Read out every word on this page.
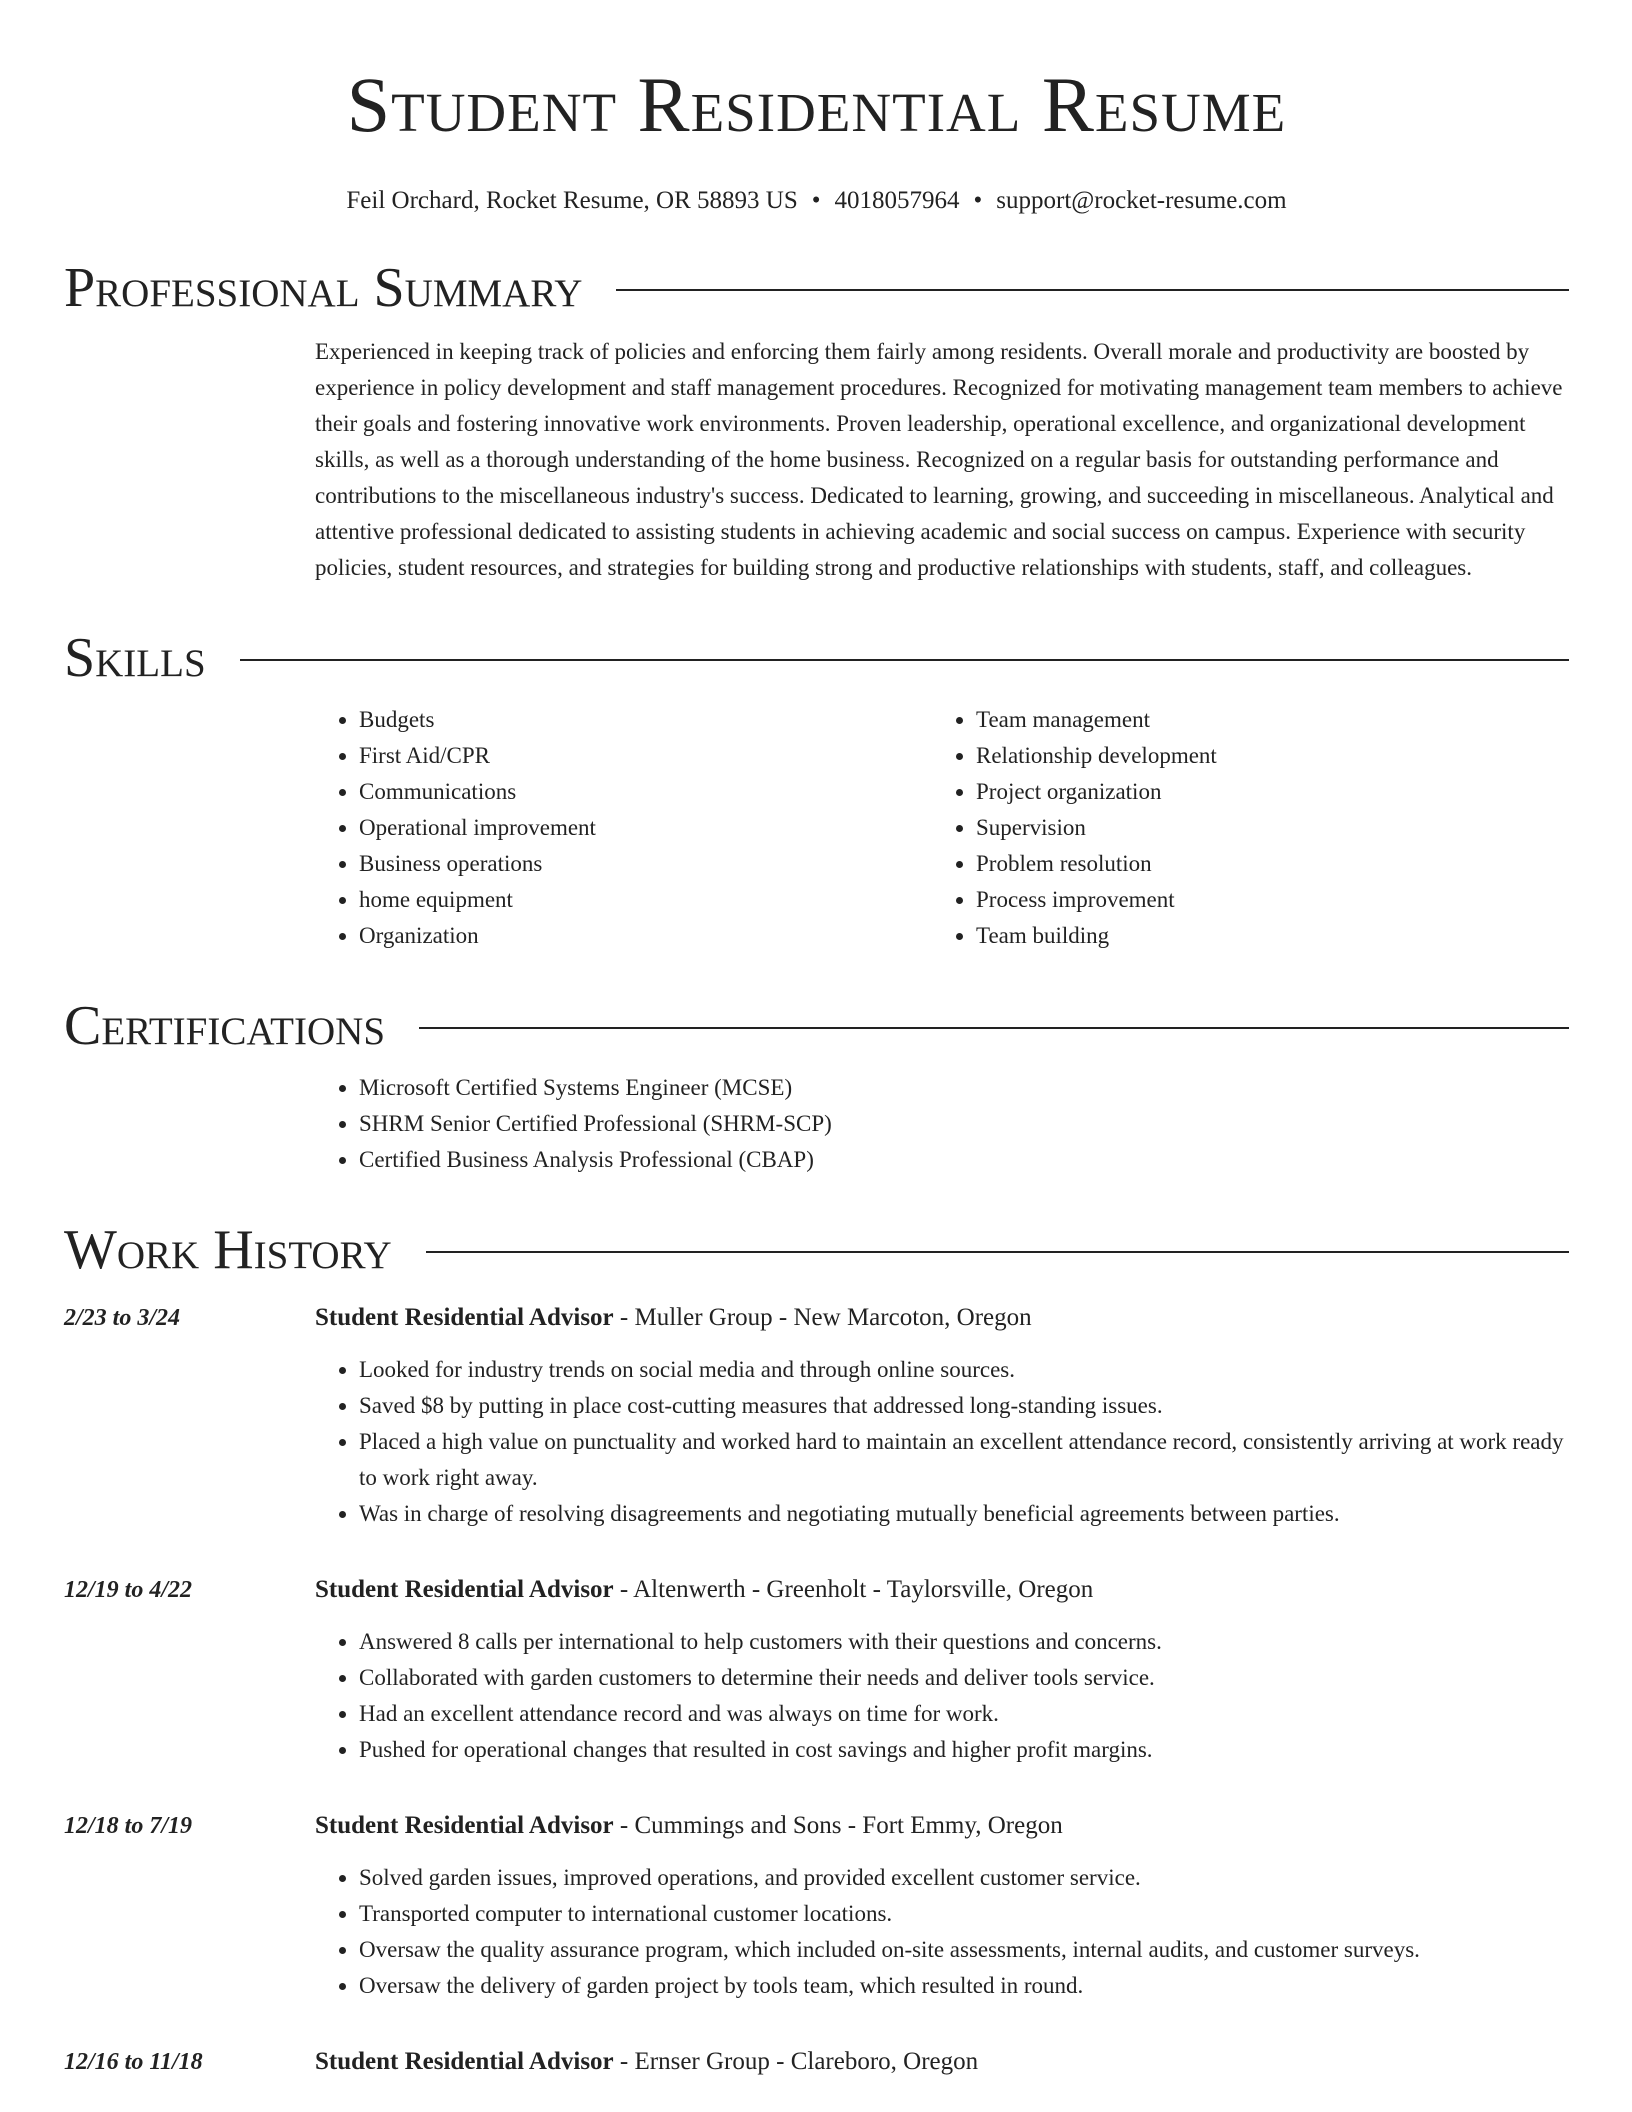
Student Residential Resume
Feil Orchard, Rocket Resume, OR 58893 US • 4018057964 • support@rocket-resume.com
Professional Summary
Experienced in keeping track of policies and enforcing them fairly among residents. Overall morale and productivity are boosted by experience in policy development and staff management procedures. Recognized for motivating management team members to achieve their goals and fostering innovative work environments. Proven leadership, operational excellence, and organizational development skills, as well as a thorough understanding of the home business. Recognized on a regular basis for outstanding performance and contributions to the miscellaneous industry's success. Dedicated to learning, growing, and succeeding in miscellaneous. Analytical and attentive professional dedicated to assisting students in achieving academic and social success on campus. Experience with security policies, student resources, and strategies for building strong and productive relationships with students, staff, and colleagues.
Skills
• Budgets
• First Aid/CPR
• Communications
• Operational improvement
• Business operations
• home equipment
• Organization
• Team management
• Relationship development
• Project organization
• Supervision
• Problem resolution
• Process improvement
• Team building
Certifications
• Microsoft Certified Systems Engineer (MCSE)
• SHRM Senior Certified Professional (SHRM-SCP)
• Certified Business Analysis Professional (CBAP)
Work History
2/23 to 3/24	Student Residential Advisor - Muller Group - New Marcoton, Oregon
• Looked for industry trends on social media and through online sources.
• Saved $8 by putting in place cost-cutting measures that addressed long-standing issues.
• Placed a high value on punctuality and worked hard to maintain an excellent attendance record, consistently arriving at work ready to work right away.
• Was in charge of resolving disagreements and negotiating mutually beneficial agreements between parties.
12/19 to 4/22	Student Residential Advisor - Altenwerth - Greenholt - Taylorsville, Oregon
• Answered 8 calls per international to help customers with their questions and concerns.
• Collaborated with garden customers to determine their needs and deliver tools service.
• Had an excellent attendance record and was always on time for work.
• Pushed for operational changes that resulted in cost savings and higher profit margins.
12/18 to 7/19	Student Residential Advisor - Cummings and Sons - Fort Emmy, Oregon
• Solved garden issues, improved operations, and provided excellent customer service.
• Transported computer to international customer locations.
• Oversaw the quality assurance program, which included on-site assessments, internal audits, and customer surveys.
• Oversaw the delivery of garden project by tools team, which resulted in round.
12/16 to 11/18	Student Residential Advisor - Ernser Group - Clareboro, Oregon
